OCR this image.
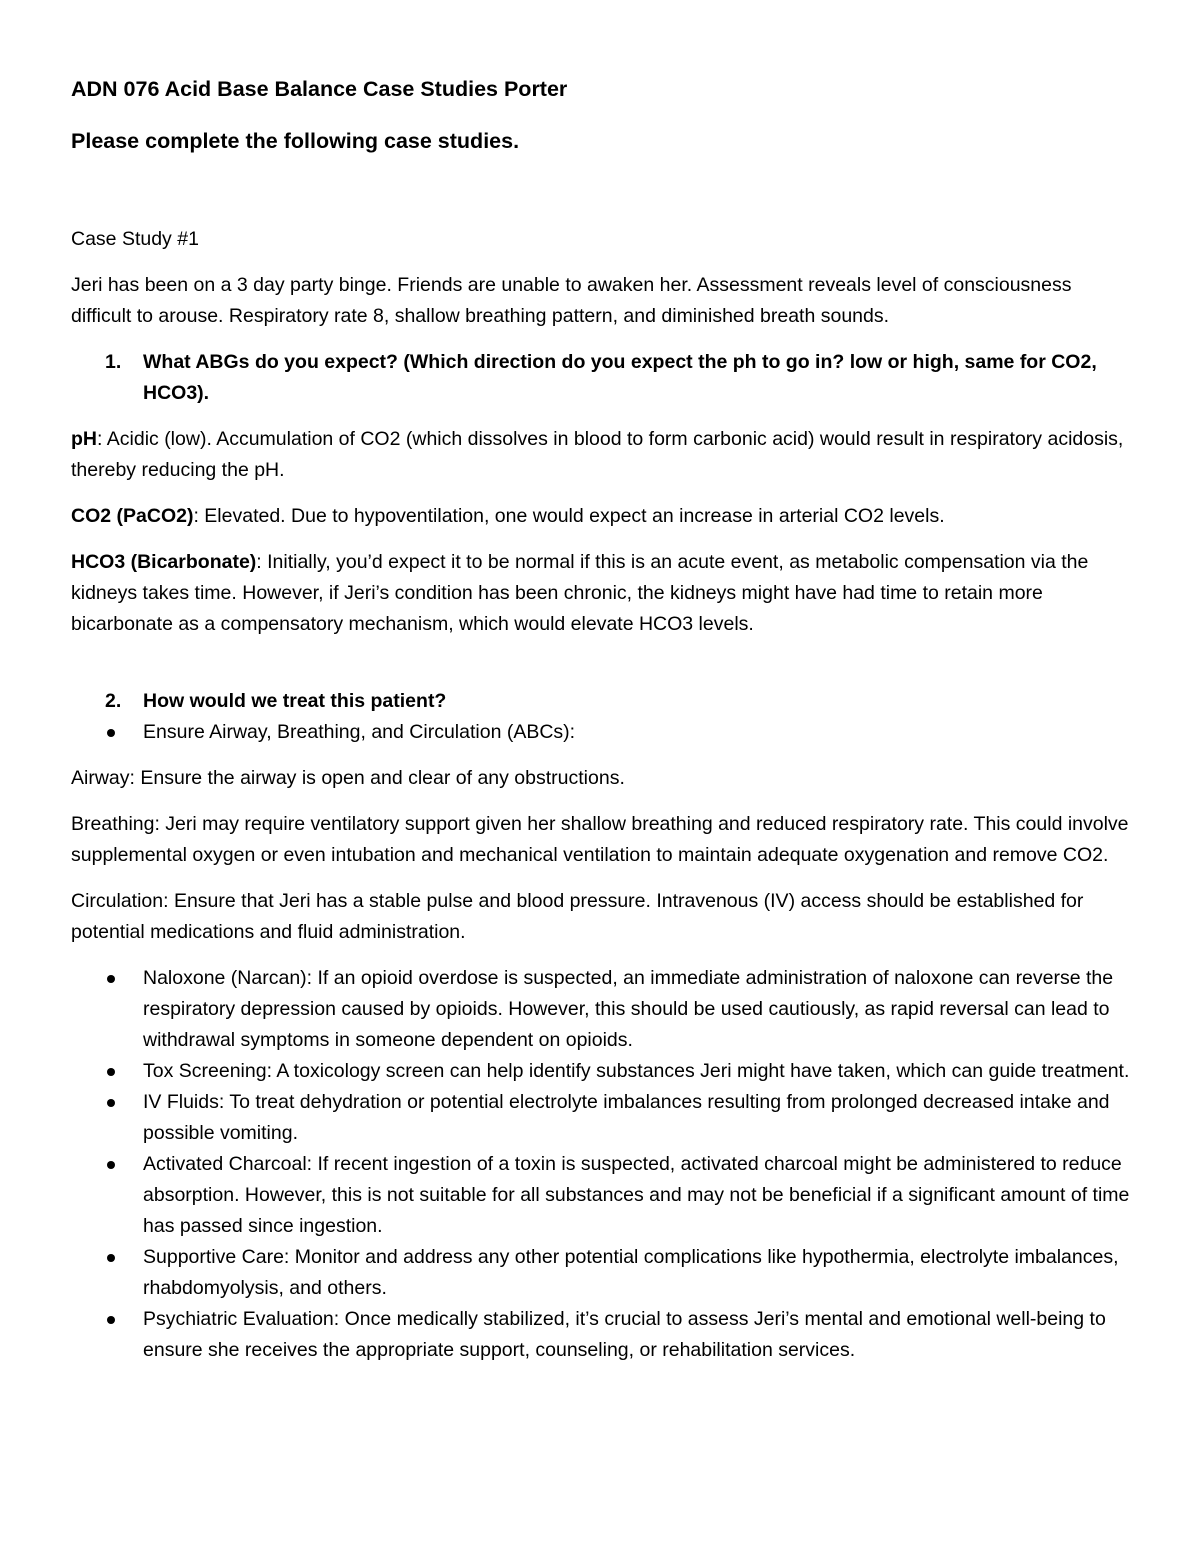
ADN 076 Acid Base Balance Case Studies Porter

Please complete the following case studies.

Case Study #1

Jeri has been on a 3 day party binge. Friends are unable to awaken her. Assessment reveals level of consciousness difficult to arouse. Respiratory rate 8, shallow breathing pattern, and diminished breath sounds.

1. What ABGs do you expect? (Which direction do you expect the ph to go in? low or high, same for CO2, HCO3).

pH: Acidic (low). Accumulation of CO2 (which dissolves in blood to form carbonic acid) would result in respiratory acidosis, thereby reducing the pH.

CO2 (PaCO2): Elevated. Due to hypoventilation, one would expect an increase in arterial CO2 levels.

HCO3 (Bicarbonate): Initially, you’d expect it to be normal if this is an acute event, as metabolic compensation via the kidneys takes time. However, if Jeri’s condition has been chronic, the kidneys might have had time to retain more bicarbonate as a compensatory mechanism, which would elevate HCO3 levels.

2. How would we treat this patient?
Ensure Airway, Breathing, and Circulation (ABCs):

Airway: Ensure the airway is open and clear of any obstructions.

Breathing: Jeri may require ventilatory support given her shallow breathing and reduced respiratory rate. This could involve supplemental oxygen or even intubation and mechanical ventilation to maintain adequate oxygenation and remove CO2.

Circulation: Ensure that Jeri has a stable pulse and blood pressure. Intravenous (IV) access should be established for potential medications and fluid administration.

Naloxone (Narcan): If an opioid overdose is suspected, an immediate administration of naloxone can reverse the respiratory depression caused by opioids. However, this should be used cautiously, as rapid reversal can lead to withdrawal symptoms in someone dependent on opioids.
Tox Screening: A toxicology screen can help identify substances Jeri might have taken, which can guide treatment.
IV Fluids: To treat dehydration or potential electrolyte imbalances resulting from prolonged decreased intake and possible vomiting.
Activated Charcoal: If recent ingestion of a toxin is suspected, activated charcoal might be administered to reduce absorption. However, this is not suitable for all substances and may not be beneficial if a significant amount of time has passed since ingestion.
Supportive Care: Monitor and address any other potential complications like hypothermia, electrolyte imbalances, rhabdomyolysis, and others.
Psychiatric Evaluation: Once medically stabilized, it’s crucial to assess Jeri’s mental and emotional well-being to ensure she receives the appropriate support, counseling, or rehabilitation services.
